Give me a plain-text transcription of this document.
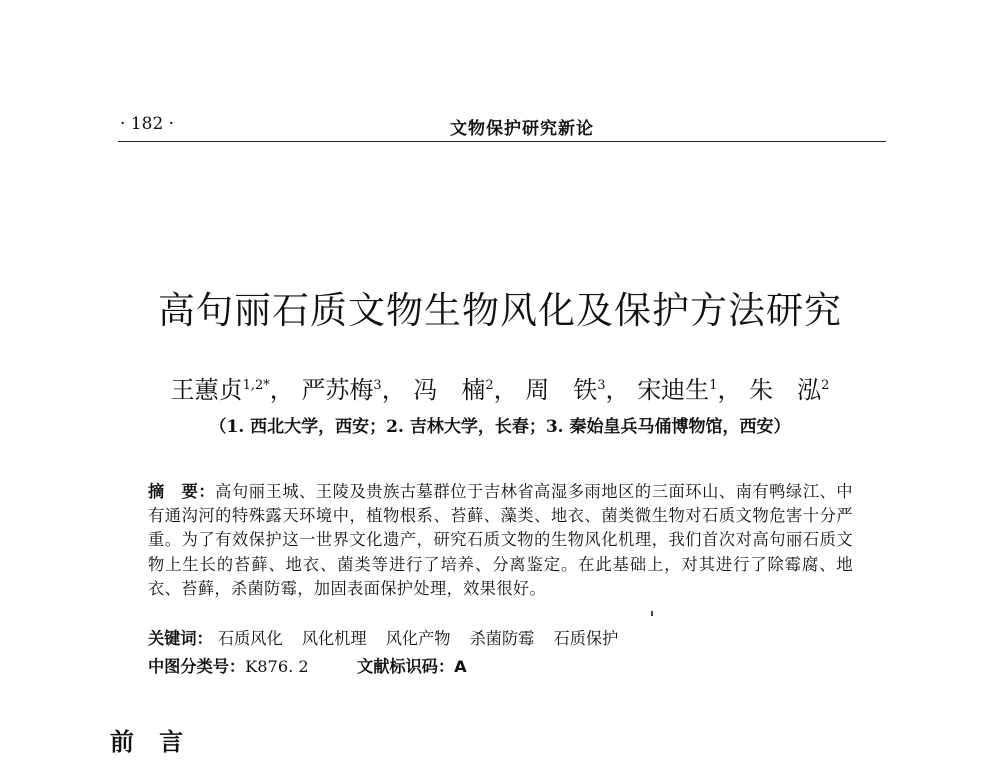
· 182 ·	文物保护研究新论
高句丽石质文物生物风化及保护方法研究
王蕙贞$^{1,2*}$， 严苏梅$^3$， 冯　楠$^2$， 周　铁$^3$， 宋迪生$^1$， 朱　泓$^2$
（1. 西北大学，西安；2. 吉林大学，长春；3. 秦始皇兵马俑博物馆，西安）

摘　要：高句丽王城、王陵及贵族古墓群位于吉林省高湿多雨地区的三面环山、南有鸭绿江、中有通沟河的特殊露天环境中，植物根系、苔藓、藻类、地衣、菌类微生物对石质文物危害十分严重。为了有效保护这一世界文化遗产，研究石质文物的生物风化机理，我们首次对高句丽石质文物上生长的苔藓、地衣、菌类等进行了培养、分离鉴定。在此基础上，对其进行了除霉腐、地衣、苔藓，杀菌防霉，加固表面保护处理，效果很好。

关键词： 石质风化 风化机理 风化产物 杀菌防霉 石质保护
中图分类号：K876. 2	文献标识码：A
前 言
